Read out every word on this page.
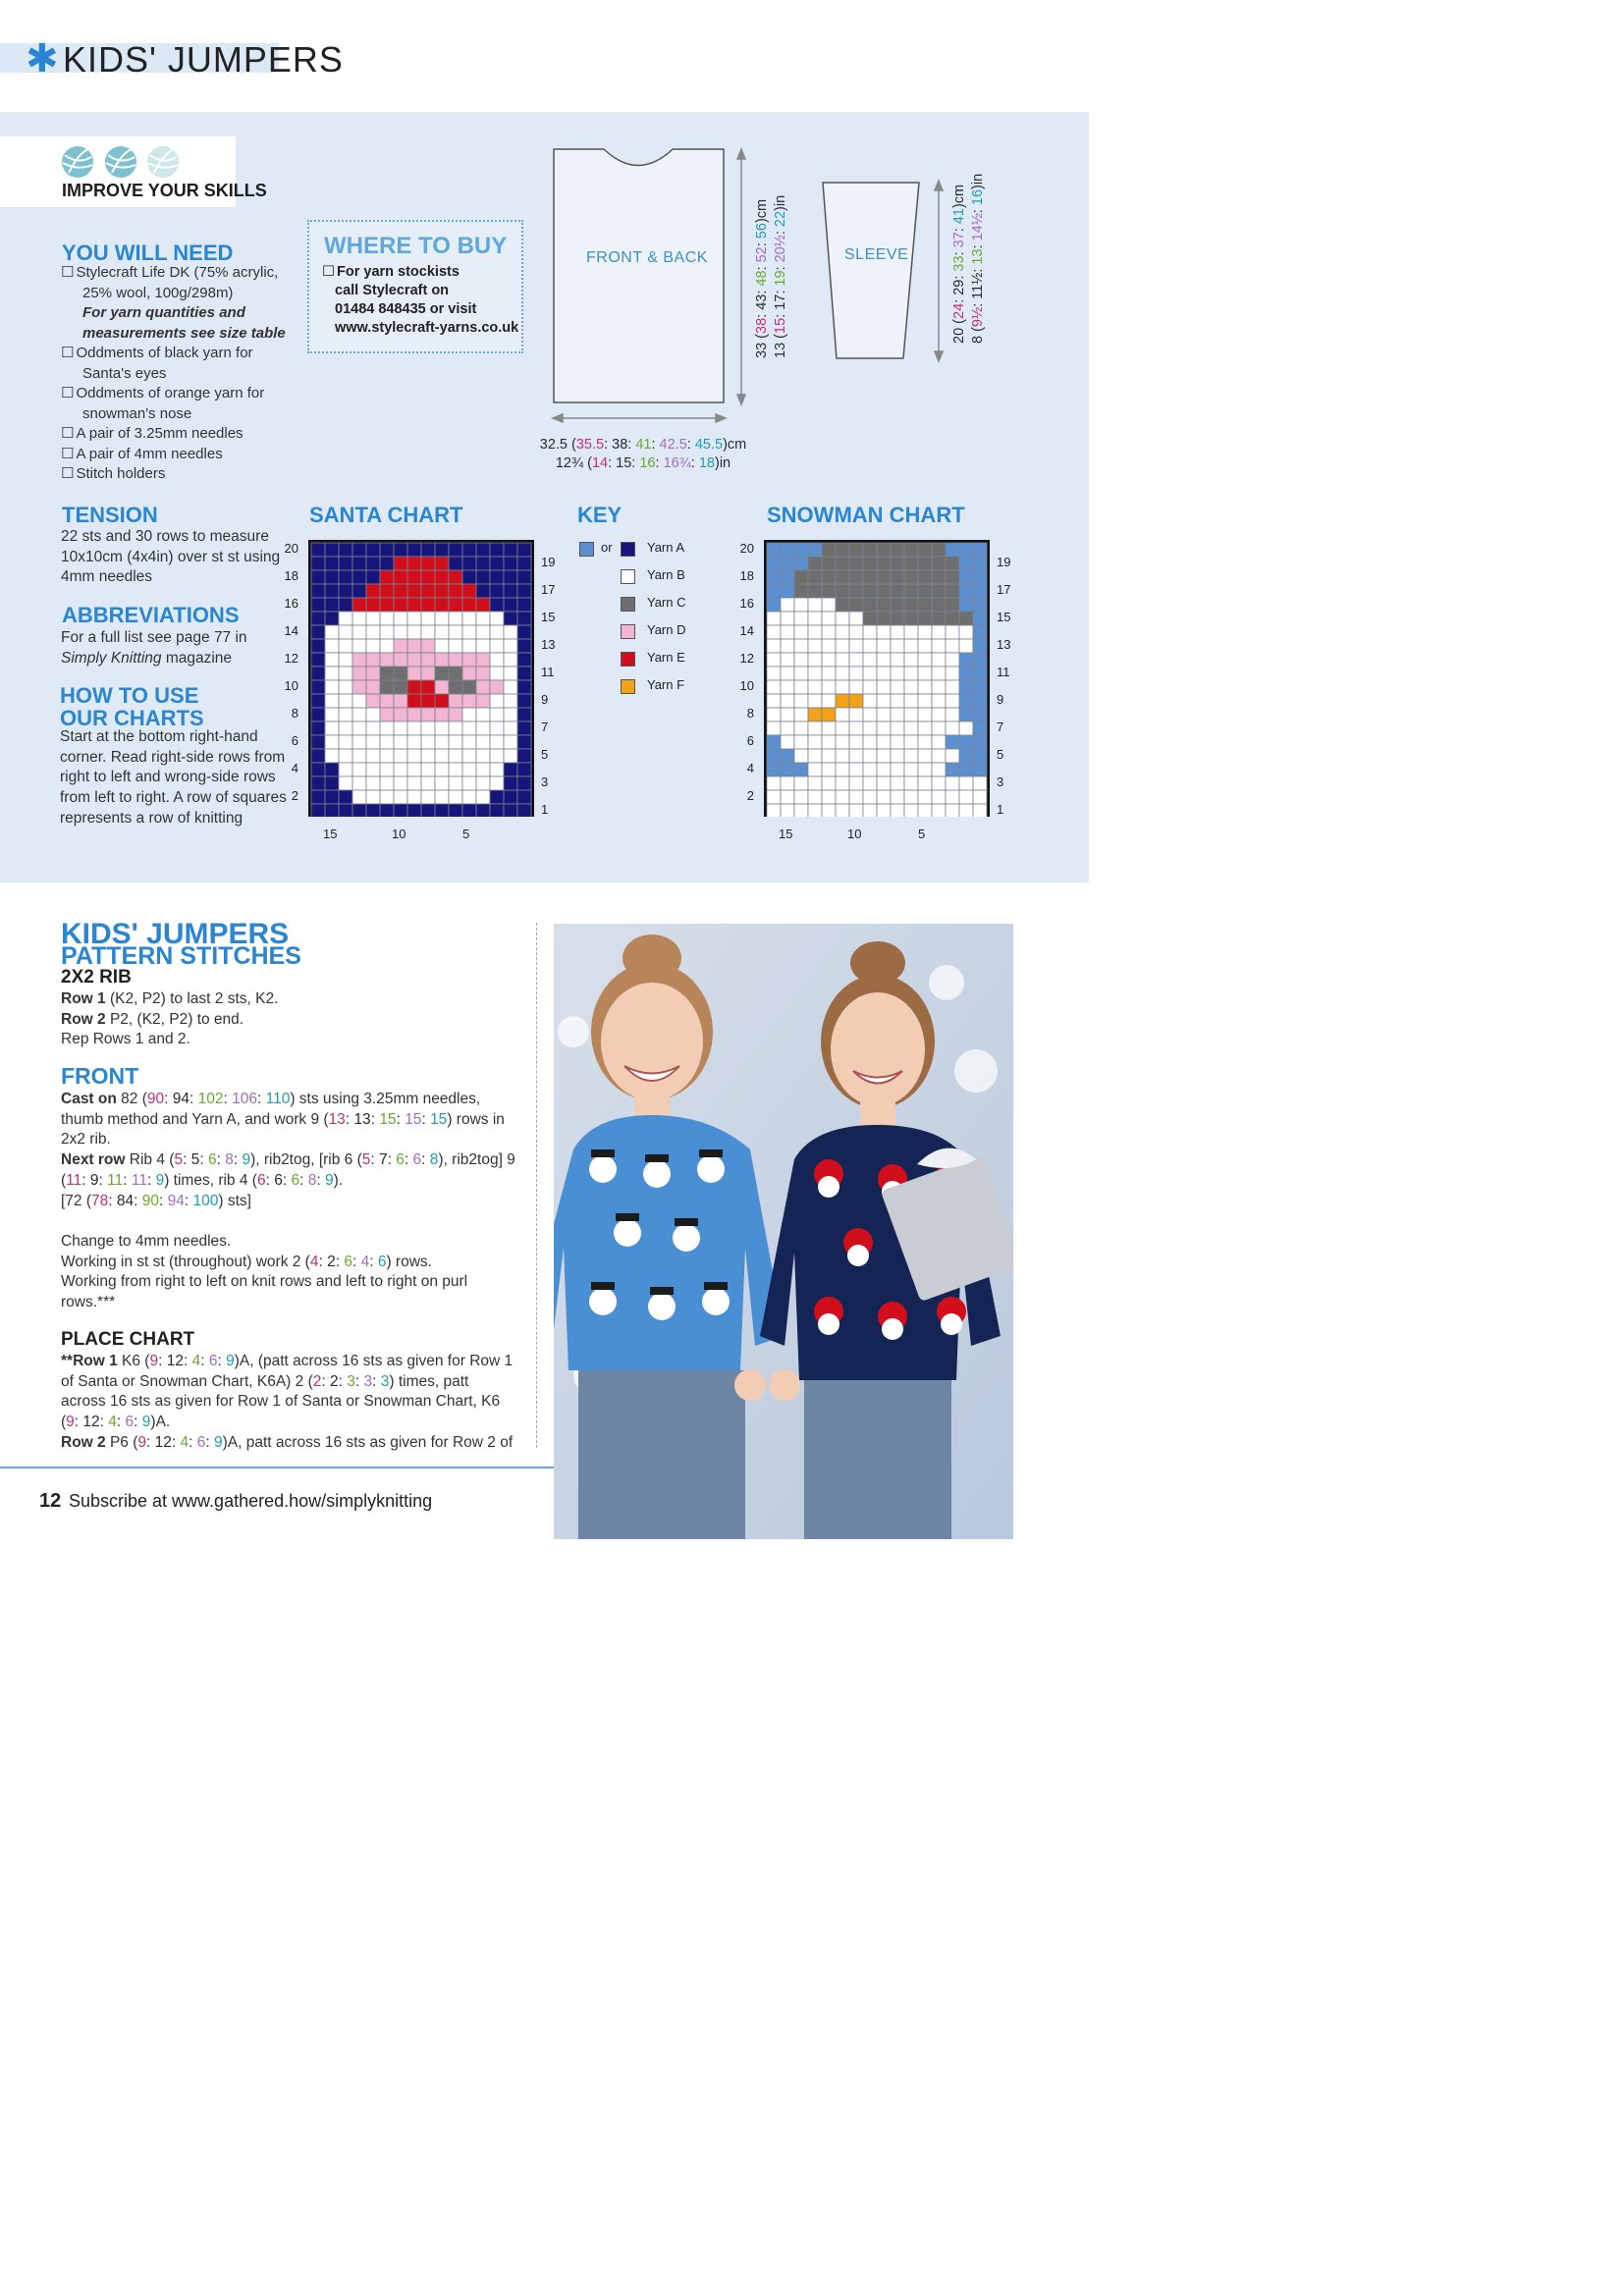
✱ KIDS' JUMPERS
IMPROVE YOUR SKILLS
YOU WILL NEED
☐ Stylecraft Life DK (75% acrylic,
25% wool, 100g/298m)
For yarn quantities and
measurements see size table
☐ Oddments of black yarn for
Santa's eyes
☐ Oddments of orange yarn for
snowman's nose
☐ A pair of 3.25mm needles
☐ A pair of 4mm needles
☐ Stitch holders
WHERE TO BUY
☐ For yarn stockists
call Stylecraft on
01484 848435 or visit
www.stylecraft-yarns.co.uk
FRONT & BACK	SLEEVE
33 (38: 43: 48: 52: 56)cm
13 (15: 17: 19: 20½: 22)in
20 (24: 29: 33: 37: 41)cm
8 (9½: 11½: 13: 14½: 16)in
32.5 (35.5: 38: 41: 42.5: 45.5)cm
12¾ (14: 15: 16: 16¾: 18)in
TENSION
22 sts and 30 rows to measure
10x10cm (4x4in) over st st using
4mm needles
ABBREVIATIONS
For a full list see page 77 in
Simply Knitting magazine
HOW TO USE
OUR CHARTS
Start at the bottom right-hand
corner. Read right-side rows from
right to left and wrong-side rows
from left to right. A row of squares
represents a row of knitting
SANTA CHART	KEY
or	Yarn A
Yarn B
Yarn C
Yarn D
Yarn E
Yarn F
SNOWMAN CHART
KIDS' JUMPERS
PATTERN STITCHES
2X2 RIB
Row 1 (K2, P2) to last 2 sts, K2.
Row 2 P2, (K2, P2) to end.
Rep Rows 1 and 2.
FRONT
Cast on 82 (90: 94: 102: 106: 110) sts using 3.25mm needles,
thumb method and Yarn A, and work 9 (13: 13: 15: 15: 15) rows in
2x2 rib.
Next row Rib 4 (5: 5: 6: 8: 9), rib2tog, [rib 6 (5: 7: 6: 6: 8), rib2tog] 9
(11: 9: 11: 11: 9) times, rib 4 (6: 6: 6: 8: 9).
[72 (78: 84: 90: 94: 100) sts]
Change to 4mm needles.
Working in st st (throughout) work 2 (4: 2: 6: 4: 6) rows.
Working from right to left on knit rows and left to right on purl
rows.***
PLACE CHART
**Row 1 K6 (9: 12: 4: 6: 9)A, (patt across 16 sts as given for Row 1
of Santa or Snowman Chart, K6A) 2 (2: 2: 3: 3: 3) times, patt
across 16 sts as given for Row 1 of Santa or Snowman Chart, K6
(9: 12: 4: 6: 9)A.
Row 2 P6 (9: 12: 4: 6: 9)A, patt across 16 sts as given for Row 2 of
12 Subscribe at www.gathered.how/simplyknitting
20
18
16
14
12
10
8
6
4
2
19
17
15
13
11
9
7
5
3
1
15	10	5
20
18
16
14
12
10
8
6
4
2
19
17
15
13
11
9
7
5
3
1
15	10	5
